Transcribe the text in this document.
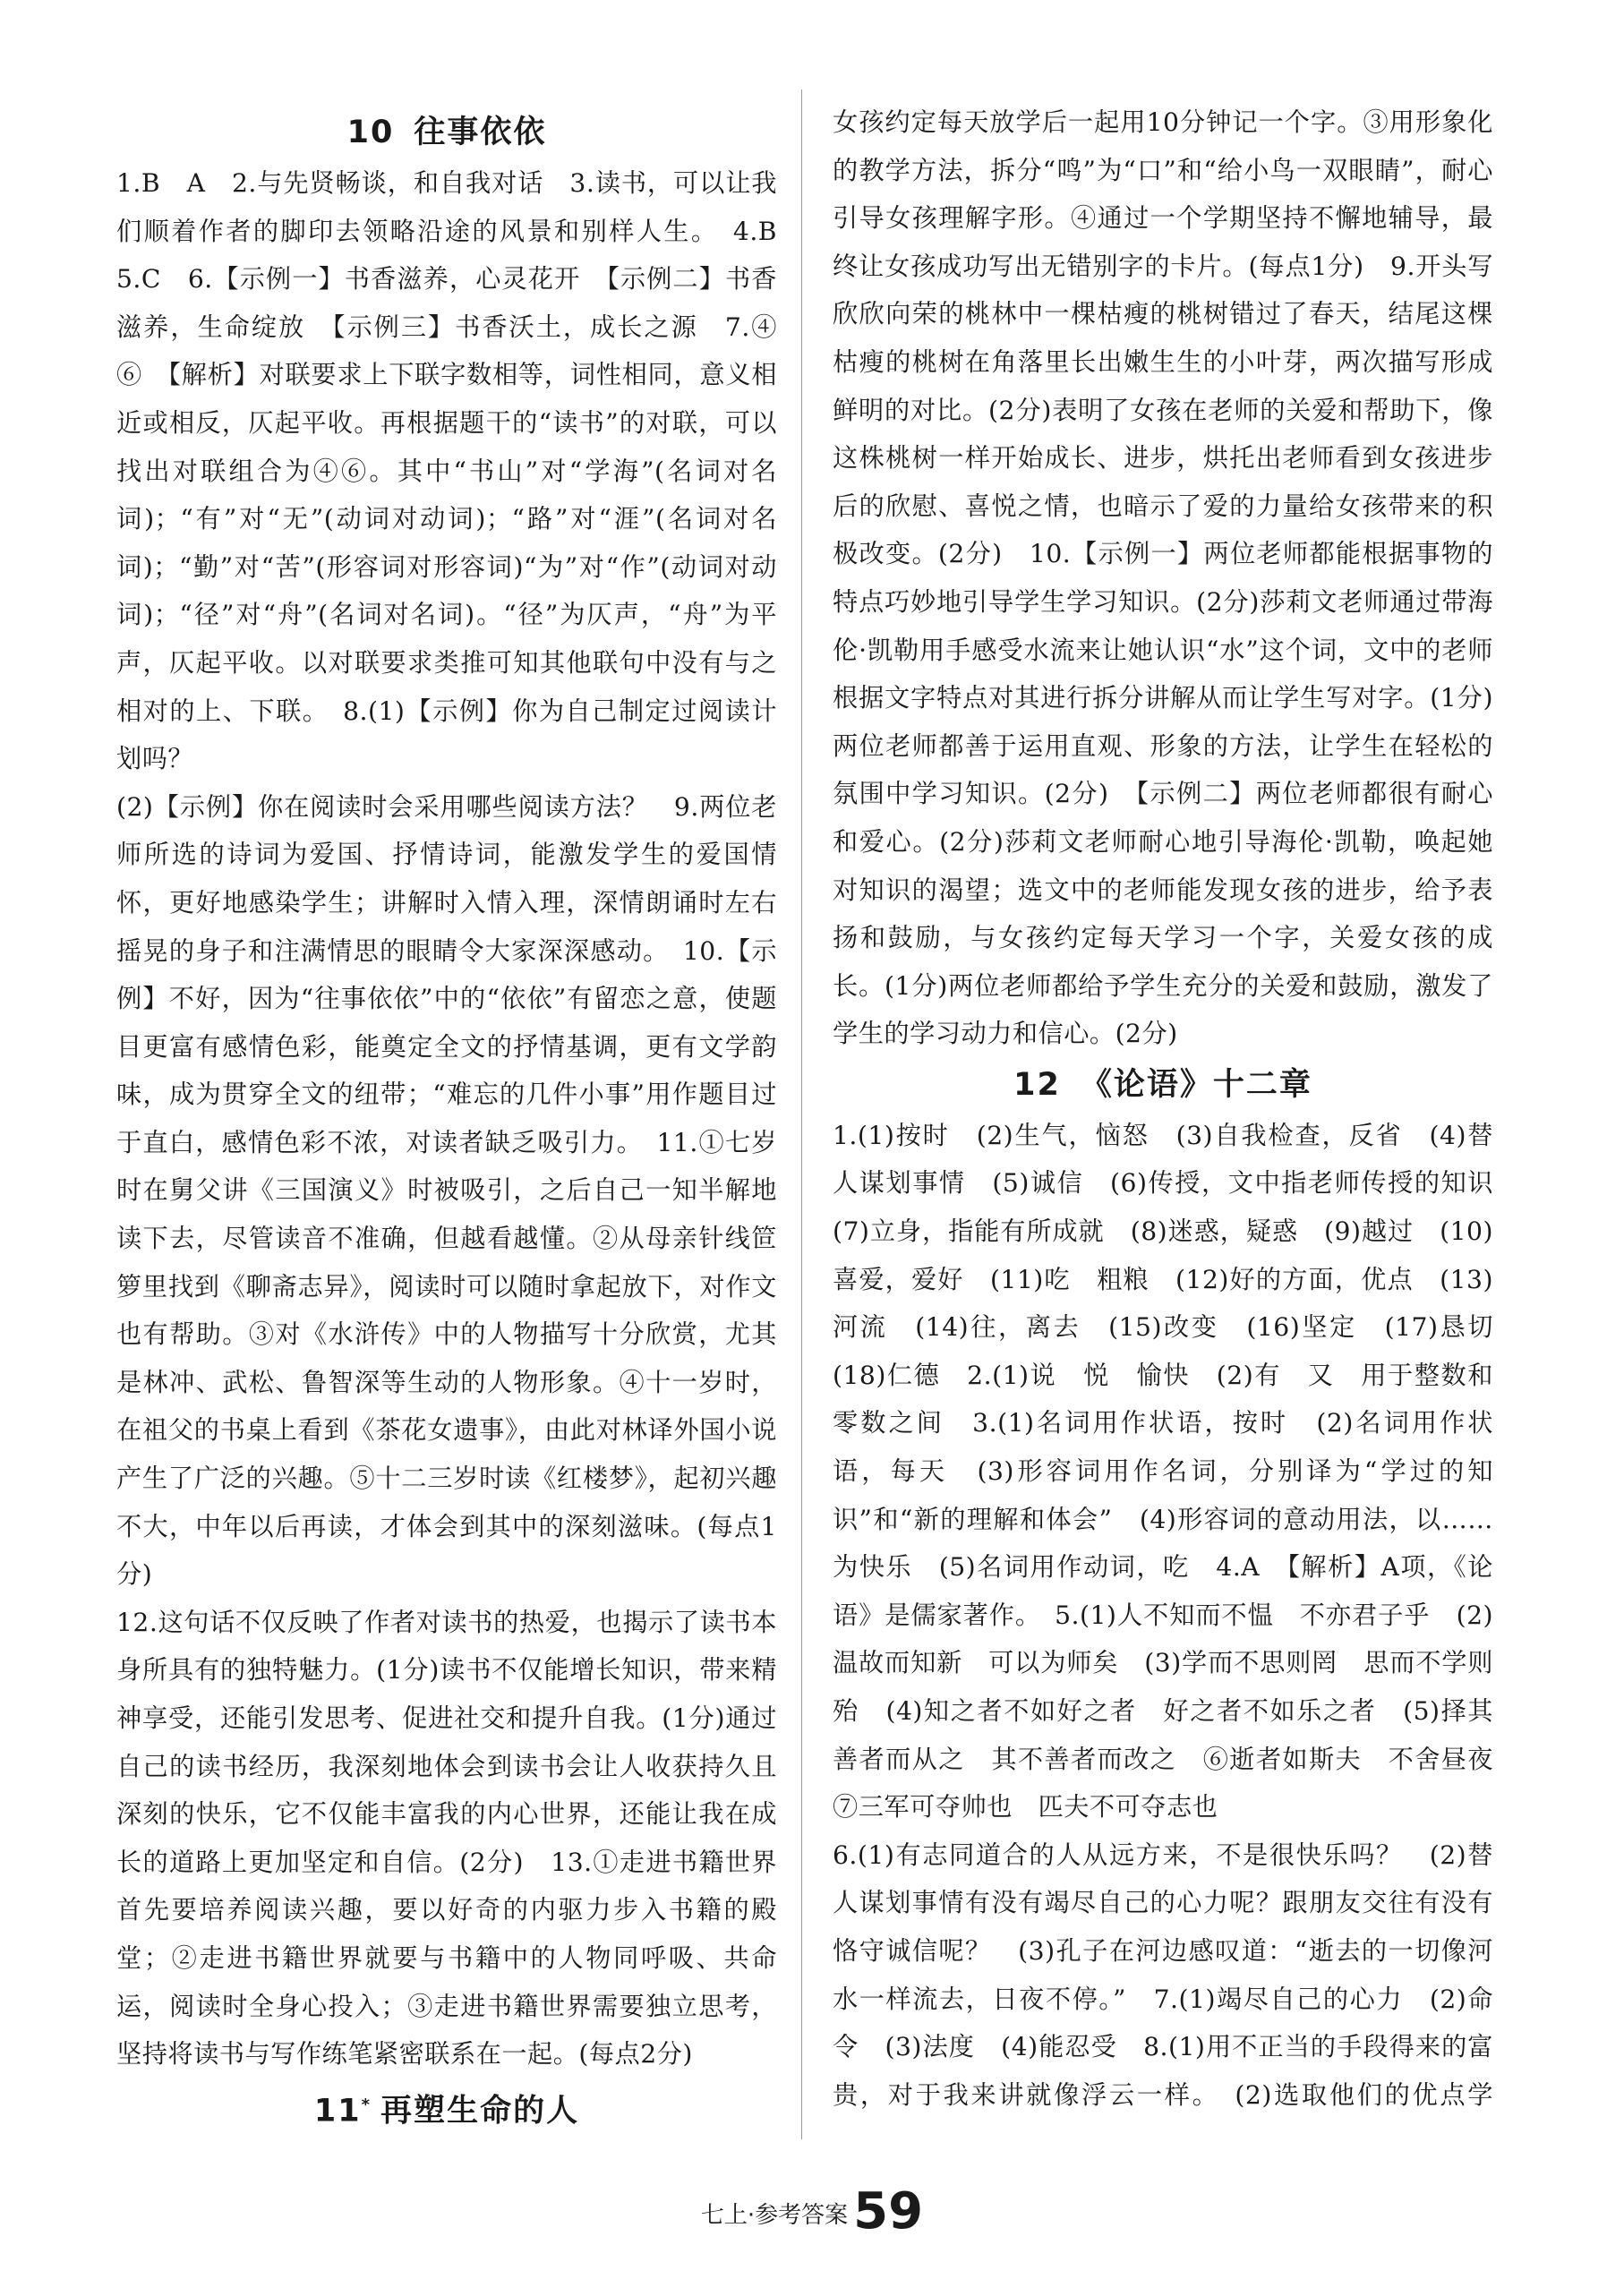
10 往事依依

1.B　A　2.与先贤畅谈，和自我对话　3.读书，可以让我们顺着作者的脚印去领略沿途的风景和别样人生。　4.B　5.C　6.【示例一】书香滋养，心灵花开　【示例二】书香滋养，生命绽放　【示例三】书香沃土，成长之源　7.④　⑥　【解析】对联要求上下联字数相等，词性相同，意义相近或相反，仄起平收。再根据题干的“读书”的对联，可以找出对联组合为④⑥。其中“书山”对“学海”(名词对名词)；“有”对“无”(动词对动词)；“路”对“涯”(名词对名词)；“勤”对“苦”(形容词对形容词)“为”对“作”(动词对动词)；“径”对“舟”(名词对名词)。“径”为仄声，“舟”为平声，仄起平收。以对联要求类推可知其他联句中没有与之相对的上、下联。　8.(1)【示例】你为自己制定过阅读计划吗？

(2)【示例】你在阅读时会采用哪些阅读方法？　9.两位老师所选的诗词为爱国、抒情诗词，能激发学生的爱国情怀，更好地感染学生；讲解时入情入理，深情朗诵时左右摇晃的身子和注满情思的眼睛令大家深深感动。　10.【示例】不好，因为“往事依依”中的“依依”有留恋之意，使题目更富有感情色彩，能奠定全文的抒情基调，更有文学韵味，成为贯穿全文的纽带；“难忘的几件小事”用作题目过于直白，感情色彩不浓，对读者缺乏吸引力。　11.①七岁时在舅父讲《三国演义》时被吸引，之后自己一知半解地读下去，尽管读音不准确，但越看越懂。②从母亲针线笸箩里找到《聊斋志异》，阅读时可以随时拿起放下，对作文也有帮助。③对《水浒传》中的人物描写十分欣赏，尤其是林冲、武松、鲁智深等生动的人物形象。④十一岁时，在祖父的书桌上看到《茶花女遗事》，由此对林译外国小说产生了广泛的兴趣。⑤十二三岁时读《红楼梦》，起初兴趣不大，中年以后再读，才体会到其中的深刻滋味。(每点1分)

12.这句话不仅反映了作者对读书的热爱，也揭示了读书本身所具有的独特魅力。(1分)读书不仅能增长知识，带来精神享受，还能引发思考、促进社交和提升自我。(1分)通过自己的读书经历，我深刻地体会到读书会让人收获持久且深刻的快乐，它不仅能丰富我的内心世界，还能让我在成长的道路上更加坚定和自信。(2分)　13.①走进书籍世界首先要培养阅读兴趣，要以好奇的内驱力步入书籍的殿堂；②走进书籍世界就要与书籍中的人物同呼吸、共命运，阅读时全身心投入；③走进书籍世界需要独立思考，坚持将读书与写作练笔紧密联系在一起。(每点2分)

11* 再塑生命的人

女孩约定每天放学后一起用10分钟记一个字。③用形象化的教学方法，拆分“鸣”为“口”和“给小鸟一双眼睛”，耐心引导女孩理解字形。④通过一个学期坚持不懈地辅导，最终让女孩成功写出无错别字的卡片。(每点1分)　9.开头写欣欣向荣的桃林中一棵枯瘦的桃树错过了春天，结尾这棵枯瘦的桃树在角落里长出嫩生生的小叶芽，两次描写形成鲜明的对比。(2分)表明了女孩在老师的关爱和帮助下，像这株桃树一样开始成长、进步，烘托出老师看到女孩进步后的欣慰、喜悦之情，也暗示了爱的力量给女孩带来的积极改变。(2分)　10.【示例一】两位老师都能根据事物的特点巧妙地引导学生学习知识。(2分)莎莉文老师通过带海伦·凯勒用手感受水流来让她认识“水”这个词，文中的老师根据文字特点对其进行拆分讲解从而让学生写对字。(1分)两位老师都善于运用直观、形象的方法，让学生在轻松的氛围中学习知识。(2分)　【示例二】两位老师都很有耐心和爱心。(2分)莎莉文老师耐心地引导海伦·凯勒，唤起她对知识的渴望；选文中的老师能发现女孩的进步，给予表扬和鼓励，与女孩约定每天学习一个字，关爱女孩的成长。(1分)两位老师都给予学生充分的关爱和鼓励，激发了学生的学习动力和信心。(2分)

12 《论语》十二章

1.(1)按时　(2)生气，恼怒　(3)自我检查，反省　(4)替人谋划事情　(5)诚信　(6)传授，文中指老师传授的知识　(7)立身，指能有所成就　(8)迷惑，疑惑　(9)越过　(10)喜爱，爱好　(11)吃　粗粮　(12)好的方面，优点　(13)河流　(14)往，离去　(15)改变　(16)坚定　(17)恳切　(18)仁德　2.(1)说　悦　愉快　(2)有　又　用于整数和零数之间　3.(1)名词用作状语，按时　(2)名词用作状语，每天　(3)形容词用作名词，分别译为“学过的知识”和“新的理解和体会”　(4)形容词的意动用法，以……为快乐　(5)名词用作动词，吃　4.A　【解析】A项，《论语》是儒家著作。　5.(1)人不知而不愠　不亦君子乎　(2)温故而知新　可以为师矣　(3)学而不思则罔　思而不学则殆　(4)知之者不如好之者　好之者不如乐之者　(5)择其善者而从之　其不善者而改之　⑥逝者如斯夫　不舍昼夜　⑦三军可夺帅也　匹夫不可夺志也

6.(1)有志同道合的人从远方来，不是很快乐吗？　(2)替人谋划事情有没有竭尽自己的心力呢？跟朋友交往有没有恪守诚信呢？　(3)孔子在河边感叹道：“逝去的一切像河水一样流去，日夜不停。”　7.(1)竭尽自己的心力　(2)命令　(3)法度　(4)能忍受　8.(1)用不正当的手段得来的富贵，对于我来讲就像浮云一样。　(2)选取他们的优点学

七上·参考答案 59
